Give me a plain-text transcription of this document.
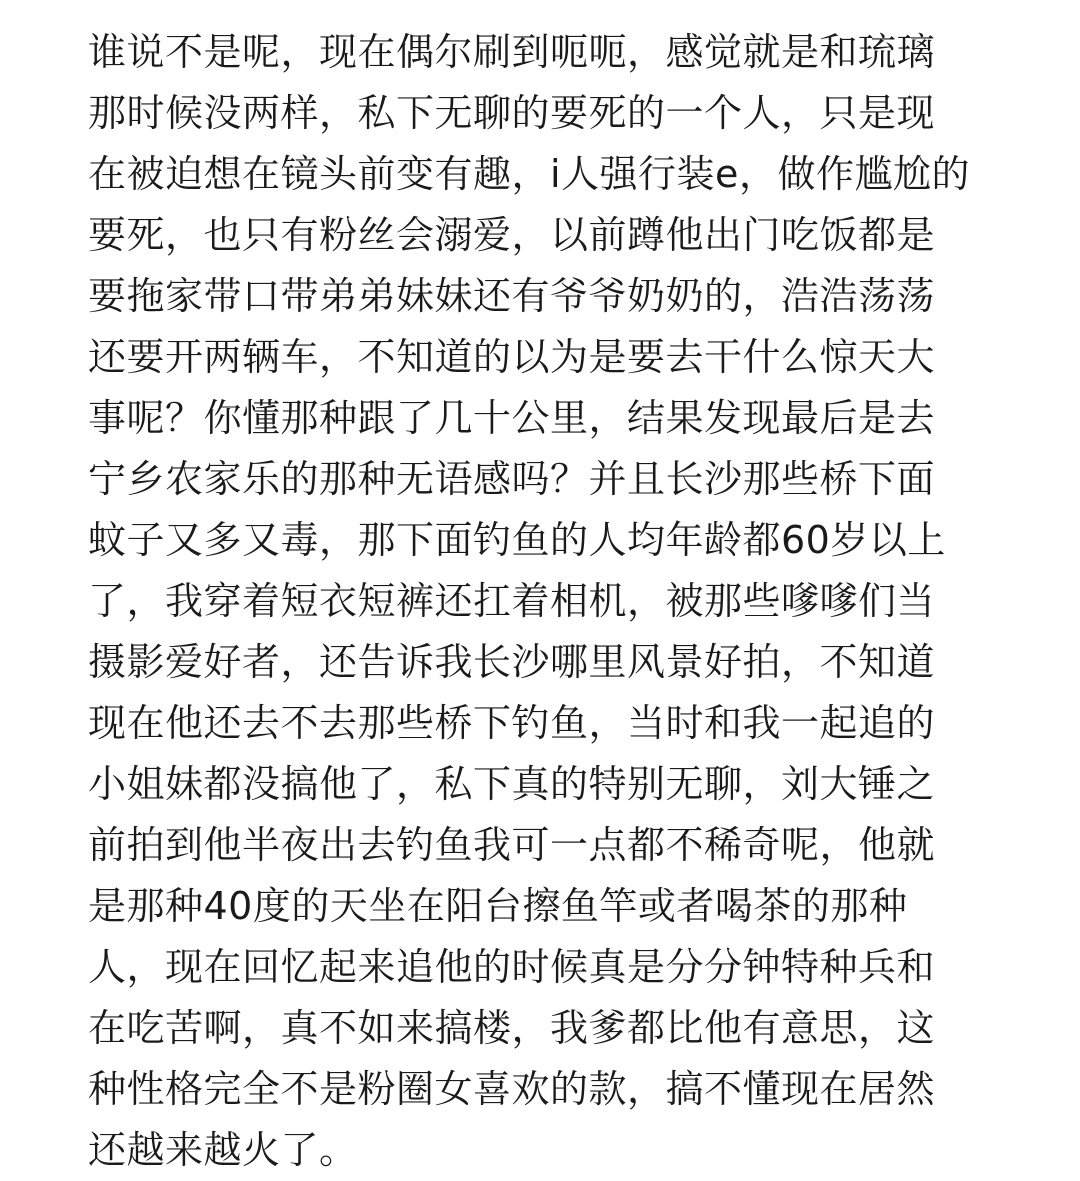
谁说不是呢，现在偶尔刷到呃呃，感觉就是和琉璃
那时候没两样，私下无聊的要死的一个人，只是现
在被迫想在镜头前变有趣，i人强行装e，做作尴尬的
要死，也只有粉丝会溺爱，以前蹲他出门吃饭都是
要拖家带口带弟弟妹妹还有爷爷奶奶的，浩浩荡荡
还要开两辆车，不知道的以为是要去干什么惊天大
事呢？你懂那种跟了几十公里，结果发现最后是去
宁乡农家乐的那种无语感吗？并且长沙那些桥下面
蚊子又多又毒，那下面钓鱼的人均年龄都60岁以上
了，我穿着短衣短裤还扛着相机，被那些嗲嗲们当
摄影爱好者，还告诉我长沙哪里风景好拍，不知道
现在他还去不去那些桥下钓鱼，当时和我一起追的
小姐妹都没搞他了，私下真的特别无聊，刘大锤之
前拍到他半夜出去钓鱼我可一点都不稀奇呢，他就
是那种40度的天坐在阳台擦鱼竿或者喝茶的那种
人，现在回忆起来追他的时候真是分分钟特种兵和
在吃苦啊，真不如来搞楼，我爹都比他有意思，这
种性格完全不是粉圈女喜欢的款，搞不懂现在居然
还越来越火了。
